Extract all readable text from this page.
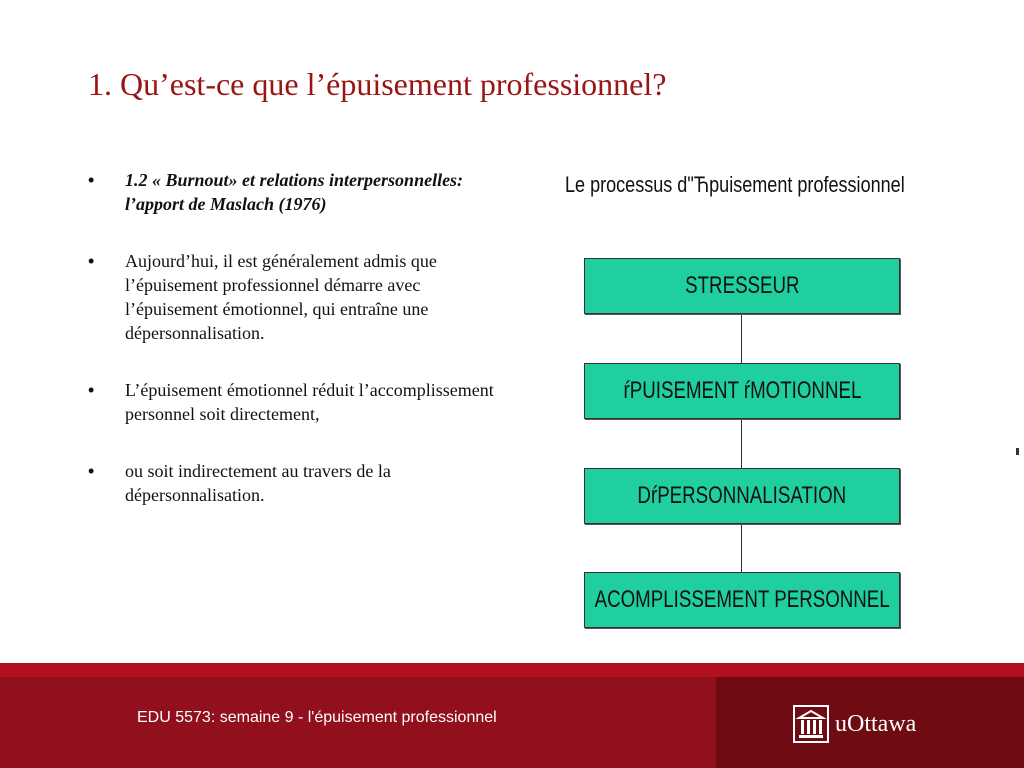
1. Qu’est-ce que l’épuisement professionnel?
• 1.2 « Burnout» et relations interpersonnelles: l’apport de Maslach (1976)
• Aujourd’hui, il est généralement admis que l’épuisement professionnel démarre avec l’épuisement émotionnel, qui entraîne une dépersonnalisation.
• L’épuisement émotionnel réduit l’accomplissement personnel soit directement,
• ou soit indirectement au travers de la dépersonnalisation.
Le processus d"Ћpuisement professionnel
STRESSEUR
ŕPUISEMENT ŕMOTIONNEL
DŕPERSONNALISATION
ACOMPLISSEMENT PERSONNEL
EDU 5573: semaine 9 - l'épuisement professionnel	uOttawa
